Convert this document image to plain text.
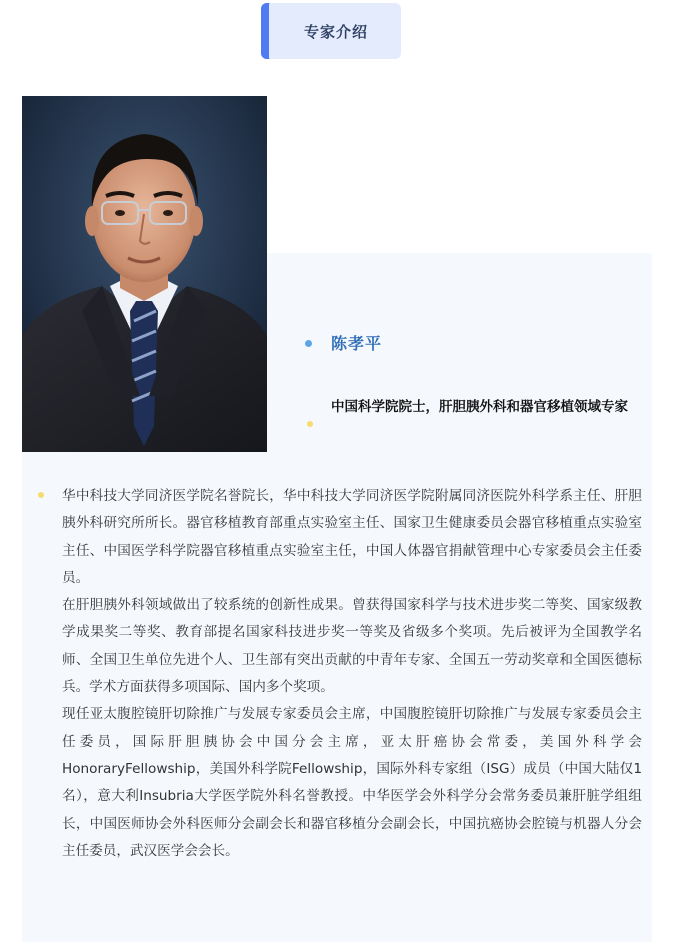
专家介绍
陈孝平
中国科学院院士，肝胆胰外科和器官移植领域专家

华中科技大学同济医学院名誉院长，华中科技大学同济医学院附属同济医院外科学系主任、肝胆胰外科研究所所长。器官移植教育部重点实验室主任、国家卫生健康委员会器官移植重点实验室主任、中国医学科学院器官移植重点实验室主任，中国人体器官捐献管理中心专家委员会主任委员。

在肝胆胰外科领域做出了较系统的创新性成果。曾获得国家科学与技术进步奖二等奖、国家级教学成果奖二等奖、教育部提名国家科技进步奖一等奖及省级多个奖项。先后被评为全国教学名师、全国卫生单位先进个人、卫生部有突出贡献的中青年专家、全国五一劳动奖章和全国医德标兵。学术方面获得多项国际、国内多个奖项。

现任亚太腹腔镜肝切除推广与发展专家委员会主席，中国腹腔镜肝切除推广与发展专家委员会主任委员，国际肝胆胰协会中国分会主席，亚太肝癌协会常委，美国外科学会HonoraryFellowship，美国外科学院Fellowship，国际外科专家组（ISG）成员（中国大陆仅1名），意大利Insubria大学医学院外科名誉教授。中华医学会外科学分会常务委员兼肝脏学组组长，中国医师协会外科医师分会副会长和器官移植分会副会长，中国抗癌协会腔镜与机器人分会主任委员，武汉医学会会长。
